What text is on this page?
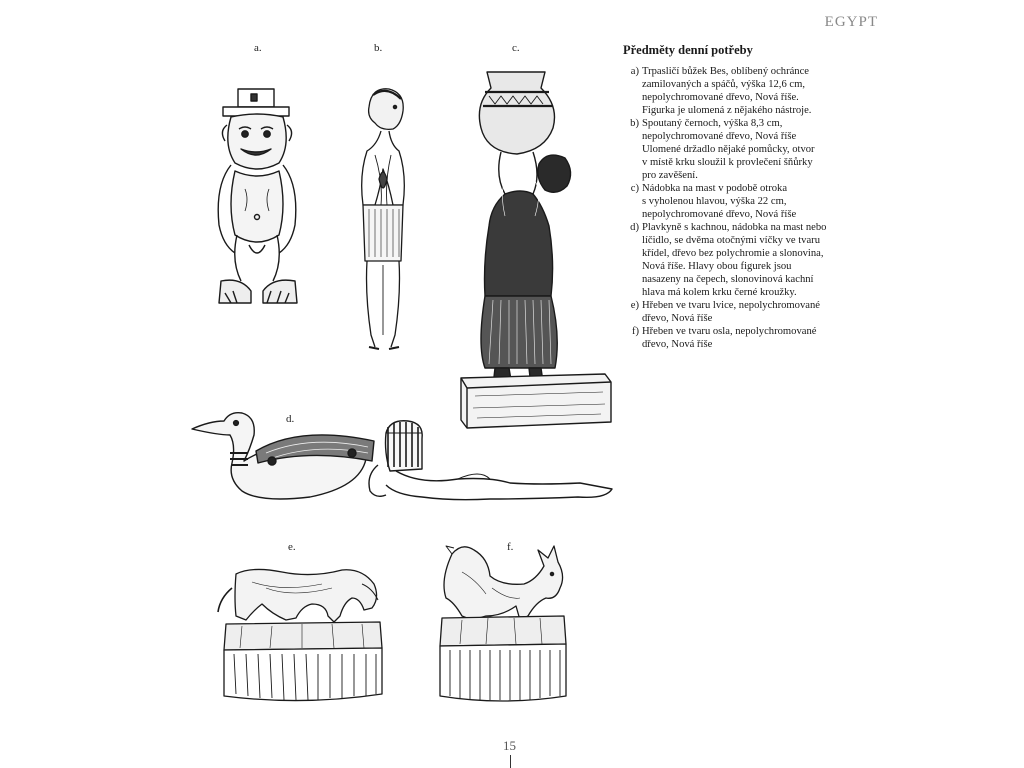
EGYPT
a.	b.	c.
d.
e.	f.
Předměty denní potřeby
a) Trpasličí bůžek Bes, oblíbený ochránce
zamilovaných a spáčů, výška 12,6 cm,
nepolychromované dřevo, Nová říše.
Figurka je ulomená z nějakého nástroje.
b) Spoutaný černoch, výška 8,3 cm,
nepolychromované dřevo, Nová říše
Ulomené držadlo nějaké pomůcky, otvor
v místě krku sloužil k provlečení šňůrky
pro zavěšení.
c) Nádobka na mast v podobě otroka
s vyholenou hlavou, výška 22 cm,
nepolychromované dřevo, Nová říše
d) Plavkyně s kachnou, nádobka na mast nebo
líčidlo, se dvěma otočnými víčky ve tvaru
křídel, dřevo bez polychromie a slonovina,
Nová říše. Hlavy obou figurek jsou
nasazeny na čepech, slonovinová kachní
hlava má kolem krku černé kroužky.
e) Hřeben ve tvaru lvice, nepolychromované
dřevo, Nová říše
f) Hřeben ve tvaru osla, nepolychromované
dřevo, Nová říše
15
